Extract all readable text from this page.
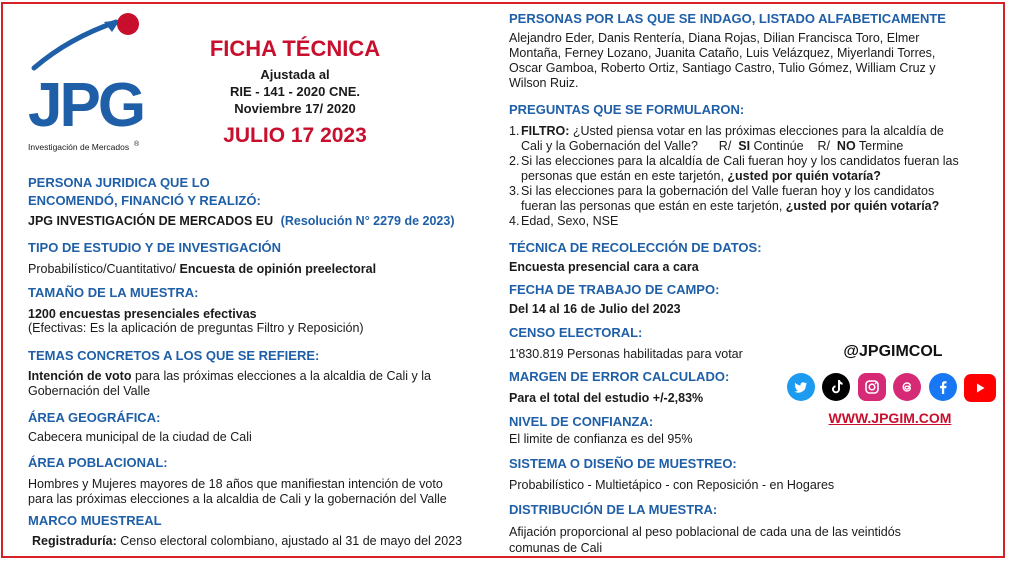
JPG
Investigación de Mercados ®
FICHA TÉCNICA
Ajustada al
RIE - 141 - 2020 CNE.
Noviembre 17/ 2020
JULIO 17 2023
PERSONA JURIDICA QUE LO
ENCOMENDÓ, FINANCIÓ Y REALIZÓ:
JPG INVESTIGACIÓN DE MERCADOS EU (Resolución N° 2279 de 2023)
TIPO DE ESTUDIO Y DE INVESTIGACIÓN
Probabilístico/Cuantitativo/ Encuesta de opinión preelectoral
TAMAÑO DE LA MUESTRA:
1200 encuestas presenciales efectivas
(Efectivas: Es la aplicación de preguntas Filtro y Reposición)
TEMAS CONCRETOS A LOS QUE SE REFIERE:
Intención de voto para las próximas elecciones a la alcaldia de Cali y la
Gobernación del Valle
ÁREA GEOGRÁFICA:
Cabecera municipal de la ciudad de Cali
ÁREA POBLACIONAL:
Hombres y Mujeres mayores de 18 años que manifiestan intención de voto
para las próximas elecciones a la alcaldia de Cali y la gobernación del Valle
MARCO MUESTREAL
Registraduría: Censo electoral colombiano, ajustado al 31 de mayo del 2023
PERSONAS POR LAS QUE SE INDAGO, LISTADO ALFABETICAMENTE
Alejandro Eder, Danis Rentería, Diana Rojas, Dilian Francisca Toro, Elmer
Montaña, Ferney Lozano, Juanita Cataño, Luis Velázquez, Miyerlandi Torres,
Oscar Gamboa, Roberto Ortiz, Santiago Castro, Tulio Gómez, William Cruz y
Wilson Ruiz.
PREGUNTAS QUE SE FORMULARON:
1. FILTRO: ¿Usted piensa votar en las próximas elecciones para la alcaldía de
Cali y la Gobernación del Valle?      R/  SI Continúe    R/  NO Termine
2. Si las elecciones para la alcaldía de Cali fueran hoy y los candidatos fueran las
personas que están en este tarjetón, ¿usted por quién votaría?
3. Si las elecciones para la gobernación del Valle fueran hoy y los candidatos
fueran las personas que están en este tarjetón, ¿usted por quién votaría?
4. Edad, Sexo, NSE
TÉCNICA DE RECOLECCIÓN DE DATOS:
Encuesta presencial cara a cara
FECHA DE TRABAJO DE CAMPO:
Del 14 al 16 de Julio del 2023
CENSO ELECTORAL:
1'830.819 Personas habilitadas para votar
MARGEN DE ERROR CALCULADO:
Para el total del estudio +/-2,83%
NIVEL DE CONFIANZA:
El limite de confianza es del 95%
SISTEMA O DISEÑO DE MUESTREO:
Probabilístico - Multietápico - con Reposición - en Hogares
DISTRIBUCIÓN DE LA MUESTRA:
Afijación proporcional al peso poblacional de cada una de las veintidós
comunas de Cali
@JPGIMCOL

WWW.JPGIM.COM
